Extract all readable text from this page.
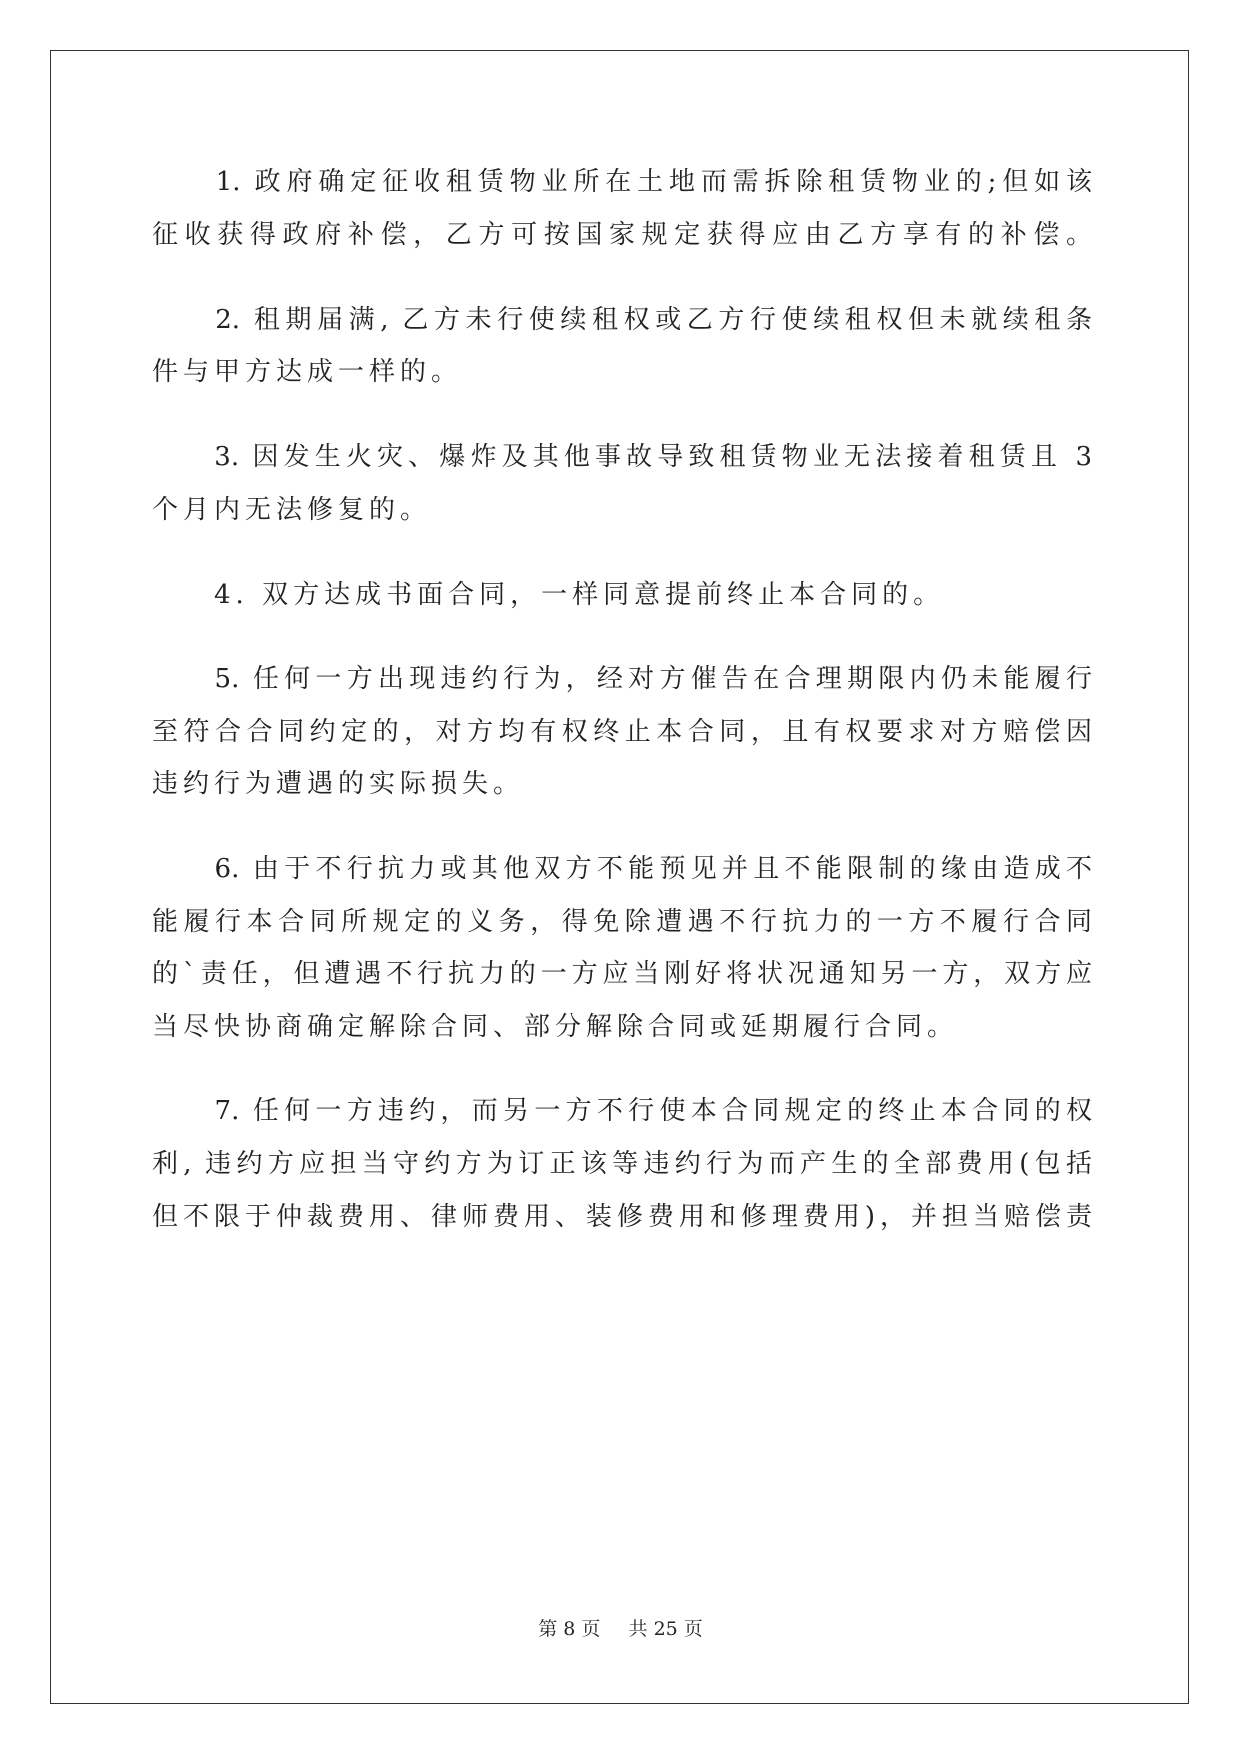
　　1. 政府确定征收租赁物业所在土地而需拆除租赁物业的;但如该
征收获得政府补偿，乙方可按国家规定获得应由乙方享有的补偿。
　　2. 租期届满, 乙方未行使续租权或乙方行使续租权但未就续租条
件与甲方达成一样的。
　　3. 因发生火灾、爆炸及其他事故导致租赁物业无法接着租赁且 3
个月内无法修复的。
　　4. 双方达成书面合同，一样同意提前终止本合同的。
　　5. 任何一方出现违约行为，经对方催告在合理期限内仍未能履行
至符合合同约定的，对方均有权终止本合同，且有权要求对方赔偿因
违约行为遭遇的实际损失。
　　6. 由于不行抗力或其他双方不能预见并且不能限制的缘由造成不
能履行本合同所规定的义务，得免除遭遇不行抗力的一方不履行合同
的`责任，但遭遇不行抗力的一方应当刚好将状况通知另一方，双方应
当尽快协商确定解除合同、部分解除合同或延期履行合同。
　　7. 任何一方违约，而另一方不行使本合同规定的终止本合同的权
利, 违约方应担当守约方为订正该等违约行为而产生的全部费用(包括
但不限于仲裁费用、律师费用、装修费用和修理费用)，并担当赔偿责
第 8 页 共 25 页
